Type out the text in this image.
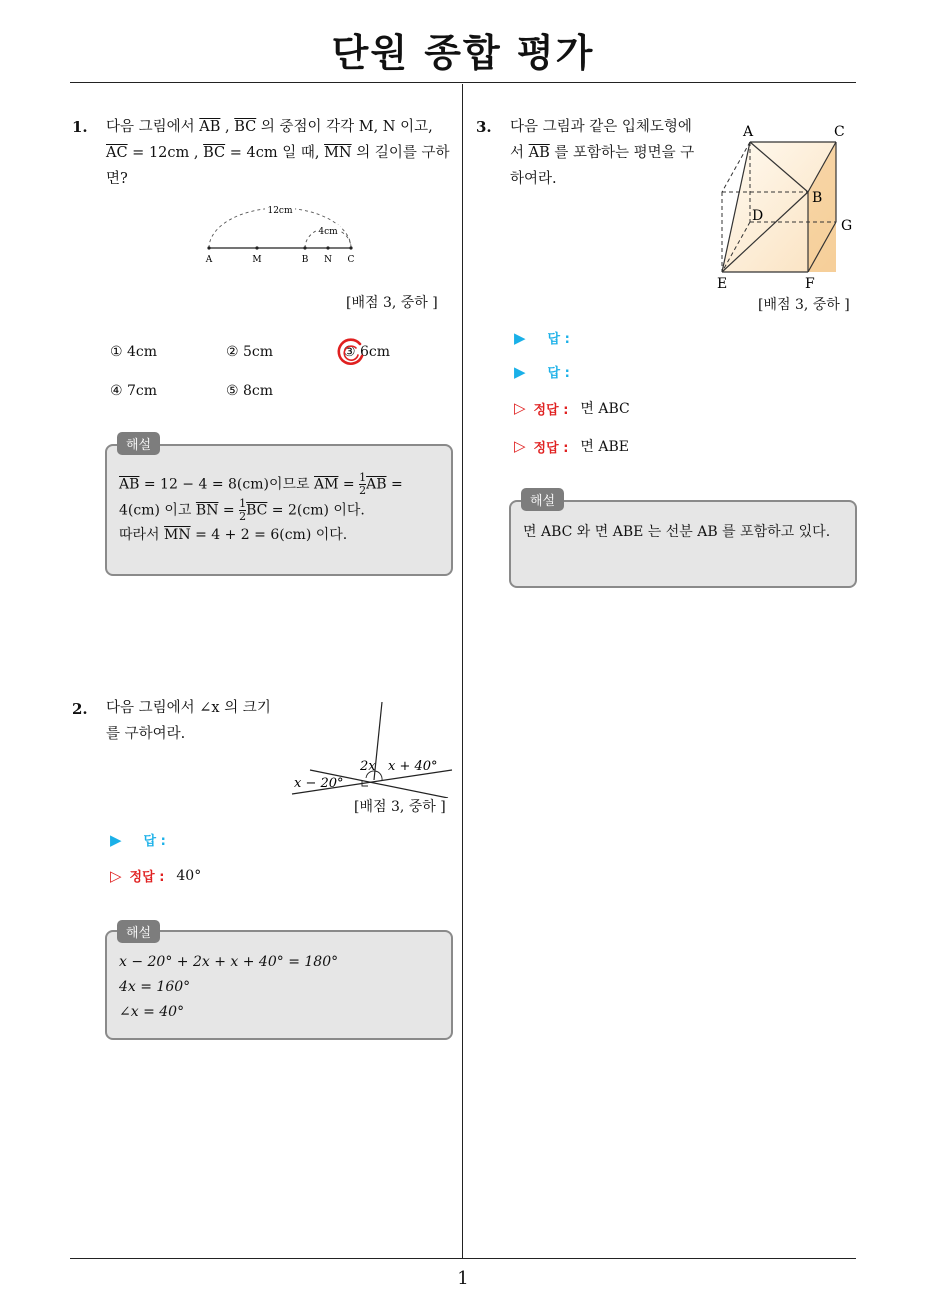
단원 종합 평가
1
1. 다음 그림에서 $\overline{AB}$ , $\overline{BC}$ 의 중점이 각각 M, N 이고,
$\overline{AC} = 12cm$ , $\overline{BC} = 4cm$ 일 때, $\overline{MN}$ 의 길이를 구하
면?
12cm
4cm
A	M	B N C
[배점 3, 중하 ]
① 4cm	② 5cm	③ 6cm
④ 7cm	⑤ 8cm
$\overline{AB} = 12 - 4 = 8(cm)$이므로 $\overline{AM} = \frac{1}{2} \overline{AB}$ =
4(cm) 이고 $\overline{BN} = \frac{1}{2} \overline{BC} = 2(cm)$ 이다.
따라서 $\overline{MN} = 4 + 2 = 6(cm)$ 이다.
해설
2. 다음 그림에서 ∠x 의 크기
를 구하여라.
2x x + 40°
x − 20°
[배점 3, 중하 ]
▶ 답 :
▷ 정답 : 40°
x − 20° + 2x + x + 40° = 180°
4x = 160°
∠x = 40°
해설
3. 다음 그림과 같은 입체도형에
서 $\overline{AB}$ 를 포함하는 평면을 구
하여라.
A	C
B
D
G
E	F
[배점 3, 중하 ]
▶ 답 :
▶ 답 :
▷ 정답 : 면 ABC
▷ 정답 : 면 ABE
면 ABC 와 면 ABE 는 선분 AB 를 포함하고 있다.
해설
